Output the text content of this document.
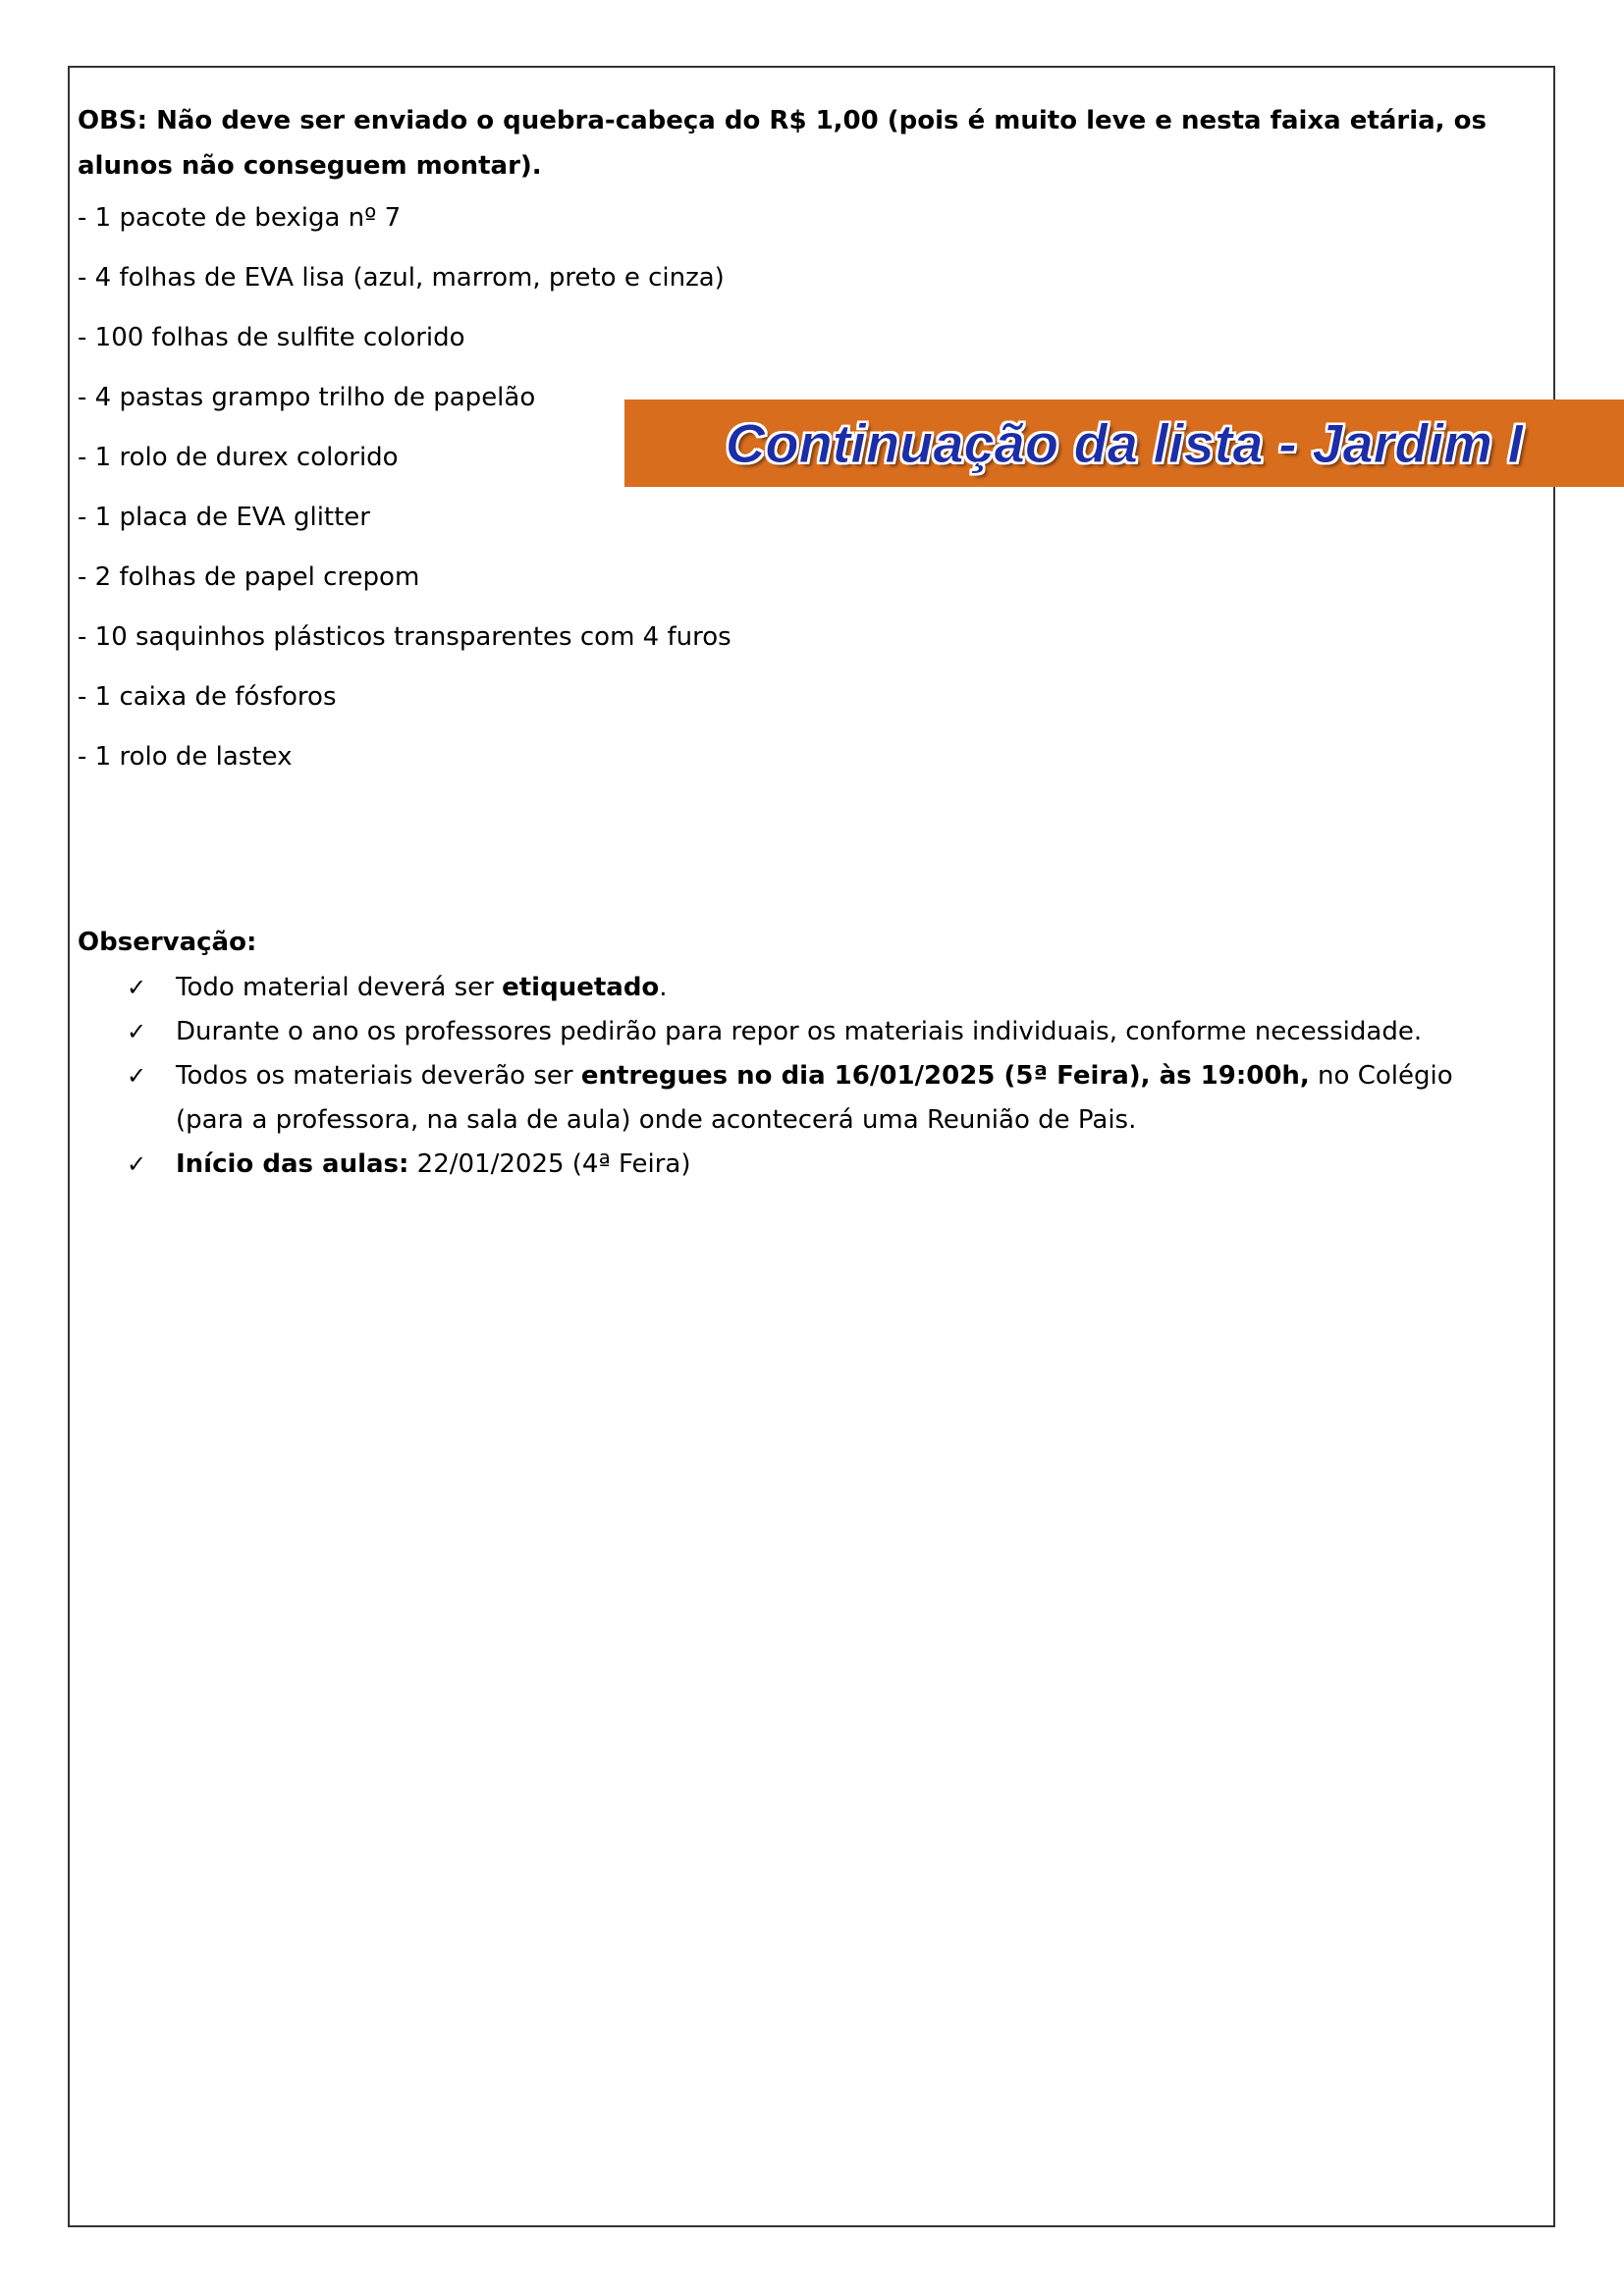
OBS: Não deve ser enviado o quebra-cabeça do R$ 1,00 (pois é muito leve e nesta faixa etária, os alunos não conseguem montar).

- 1 pacote de bexiga nº 7
- 4 folhas de EVA lisa (azul, marrom, preto e cinza)
- 100 folhas de sulfite colorido
- 4 pastas grampo trilho de papelão
- 1 rolo de durex colorido
- 1 placa de EVA glitter
- 2 folhas de papel crepom
- 10 saquinhos plásticos transparentes com 4 furos
- 1 caixa de fósforos
- 1 rolo de lastex
Observação:
✓ Todo material deverá ser etiquetado.
✓ Durante o ano os professores pedirão para repor os materiais individuais, conforme necessidade.
✓ Todos os materiais deverão ser entregues no dia 16/01/2025 (5ª Feira), às 19:00h, no Colégio (para a professora, na sala de aula) onde acontecerá uma Reunião de Pais.
✓ Início das aulas: 22/01/2025 (4ª Feira)
Continuação da lista - Jardim I
